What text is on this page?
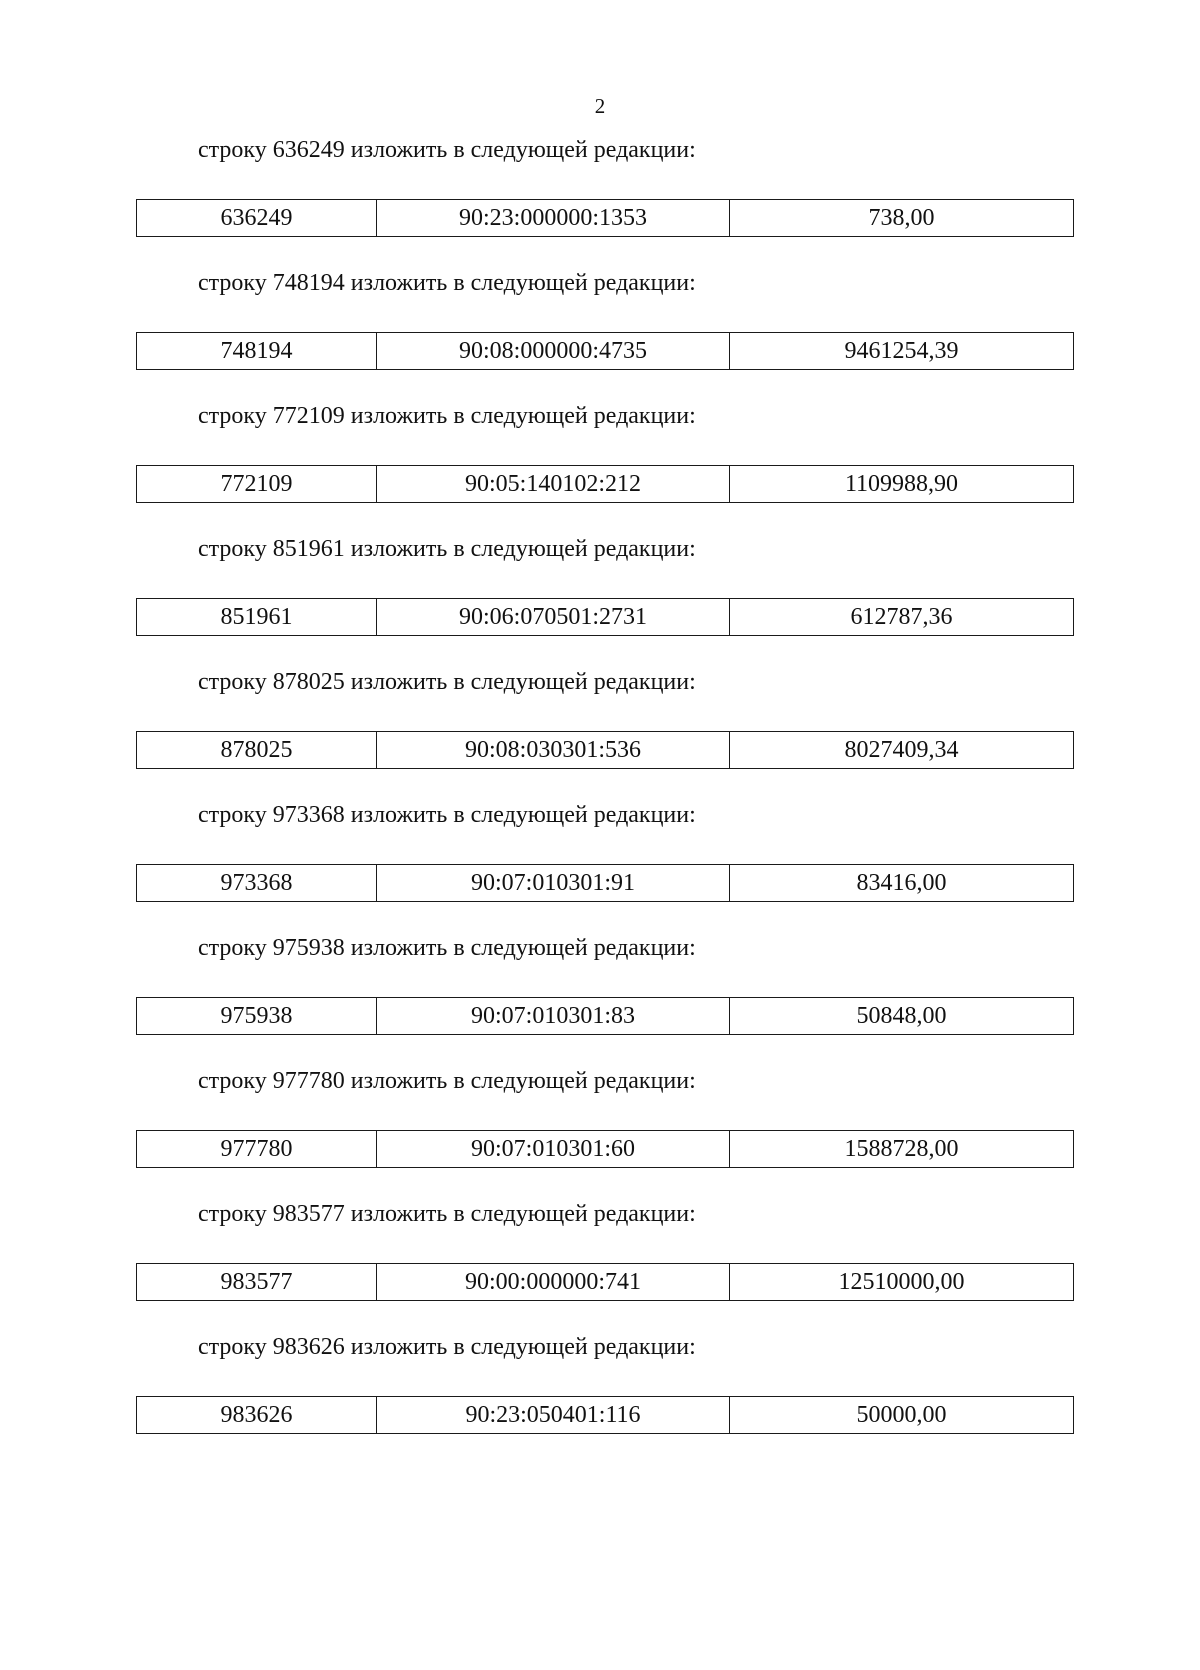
2
строку 636249 изложить в следующей редакции:
636249	90:23:000000:1353	738,00
строку 748194 изложить в следующей редакции:
748194	90:08:000000:4735	9461254,39
строку 772109 изложить в следующей редакции:
772109	90:05:140102:212	1109988,90
строку 851961 изложить в следующей редакции:
851961	90:06:070501:2731	612787,36
строку 878025 изложить в следующей редакции:
878025	90:08:030301:536	8027409,34
строку 973368 изложить в следующей редакции:
973368	90:07:010301:91	83416,00
строку 975938 изложить в следующей редакции:
975938	90:07:010301:83	50848,00
строку 977780 изложить в следующей редакции:
977780	90:07:010301:60	1588728,00
строку 983577 изложить в следующей редакции:
983577	90:00:000000:741	12510000,00
строку 983626 изложить в следующей редакции:
983626	90:23:050401:116	50000,00
